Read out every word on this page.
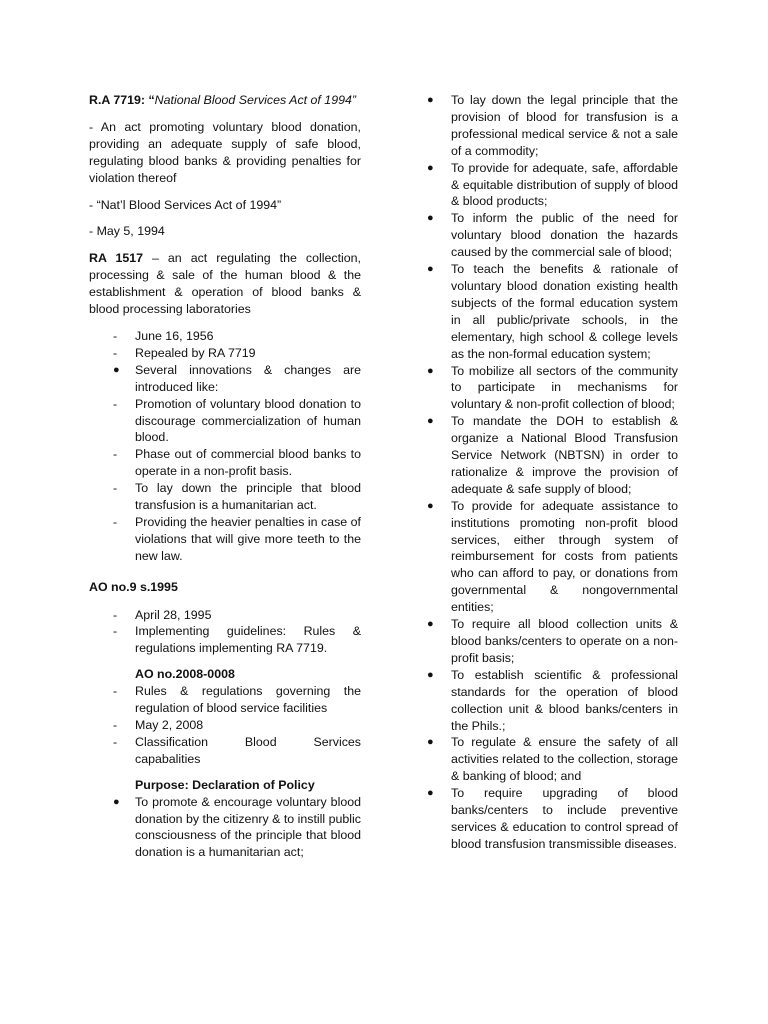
R.A 7719: “National Blood Services Act of 1994”

- An act promoting voluntary blood donation, providing an adequate supply of safe blood, regulating blood banks & providing penalties for violation thereof

- “Nat’l Blood Services Act of 1994”

- May 5, 1994

RA 1517 – an act regulating the collection, processing & sale of the human blood & the establishment & operation of blood banks & blood processing laboratories

- June 16, 1956
- Repealed by RA 7719
● Several innovations & changes are introduced like:
- Promotion of voluntary blood donation to discourage commercialization of human blood.
- Phase out of commercial blood banks to operate in a non-profit basis.
- To lay down the principle that blood transfusion is a humanitarian act.
- Providing the heavier penalties in case of violations that will give more teeth to the new law.

AO no.9 s.1995

- April 28, 1995
- Implementing guidelines: Rules & regulations implementing RA 7719.

AO no.2008-0008

- Rules & regulations governing the regulation of blood service facilities
- May 2, 2008
- Classification Blood Services capabalities

Purpose: Declaration of Policy

● To promote & encourage voluntary blood donation by the citizenry & to instill public consciousness of the principle that blood donation is a humanitarian act;
● To lay down the legal principle that the provision of blood for transfusion is a professional medical service & not a sale of a commodity;
● To provide for adequate, safe, affordable & equitable distribution of supply of blood & blood products;
● To inform the public of the need for voluntary blood donation the hazards caused by the commercial sale of blood;
● To teach the benefits & rationale of voluntary blood donation existing health subjects of the formal education system in all public/private schools, in the elementary, high school & college levels as the non-formal education system;
● To mobilize all sectors of the community to participate in mechanisms for voluntary & non-profit collection of blood;
● To mandate the DOH to establish & organize a National Blood Transfusion Service Network (NBTSN) in order to rationalize & improve the provision of adequate & safe supply of blood;
● To provide for adequate assistance to institutions promoting non-profit blood services, either through system of reimbursement for costs from patients who can afford to pay, or donations from governmental & nongovernmental entities;
● To require all blood collection units & blood banks/centers to operate on a non-profit basis;
● To establish scientific & professional standards for the operation of blood collection unit & blood banks/centers in the Phils.;
● To regulate & ensure the safety of all activities related to the collection, storage & banking of blood; and
● To require upgrading of blood banks/centers to include preventive services & education to control spread of blood transfusion transmissible diseases.
